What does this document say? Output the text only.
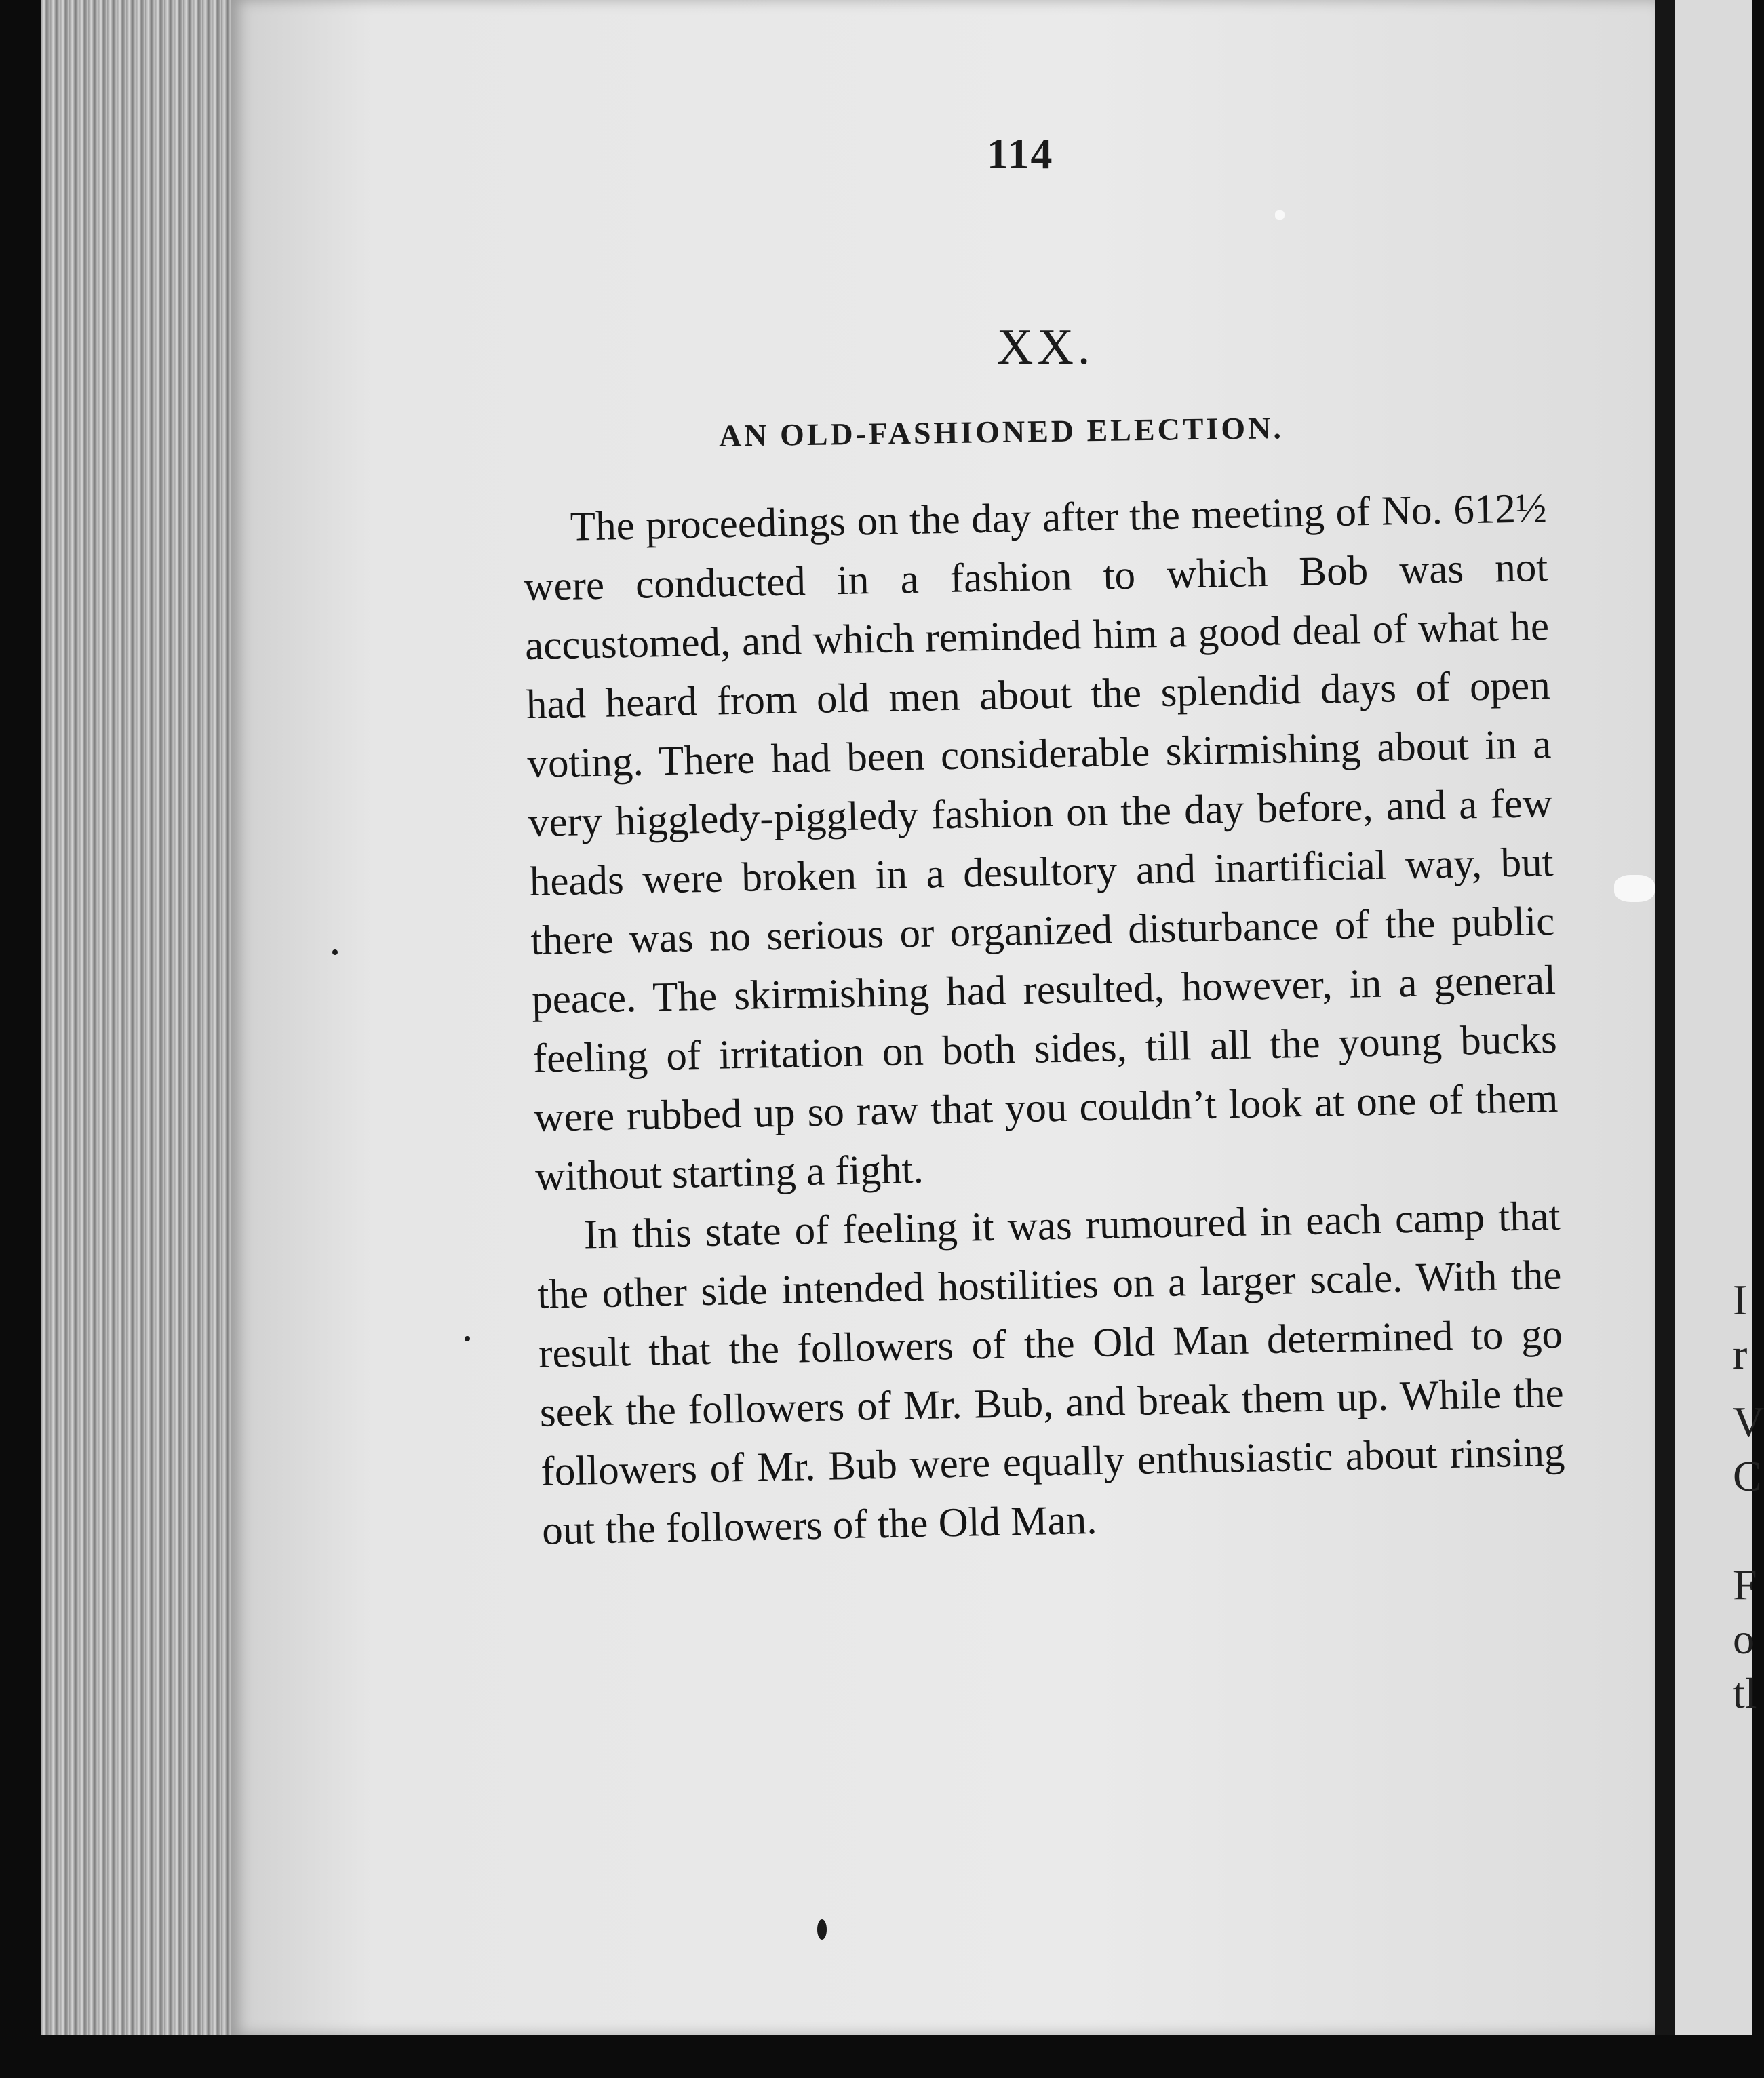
I
r
V
C
F
o
tl
114
XX.
AN OLD-FASHIONED ELECTION.

The proceedings on the day after the meeting of No. 612½ were conducted in a fashion to which Bob was not accustomed, and which reminded him a good deal of what he had heard from old men about the splendid days of open voting. There had been considerable skirmishing about in a very higgledy-piggledy fashion on the day before, and a few heads were broken in a desultory and inartificial way, but there was no serious or organized disturbance of the public peace. The skirmishing had resulted, however, in a general feeling of irritation on both sides, till all the young bucks were rubbed up so raw that you couldn’t look at one of them without starting a fight.

In this state of feeling it was rumoured in each camp that the other side intended hostilities on a larger scale. With the result that the followers of the Old Man determined to go seek the followers of Mr. Bub, and break them up. While the followers of Mr. Bub were equally enthusiastic about rinsing out the followers of the Old Man.
